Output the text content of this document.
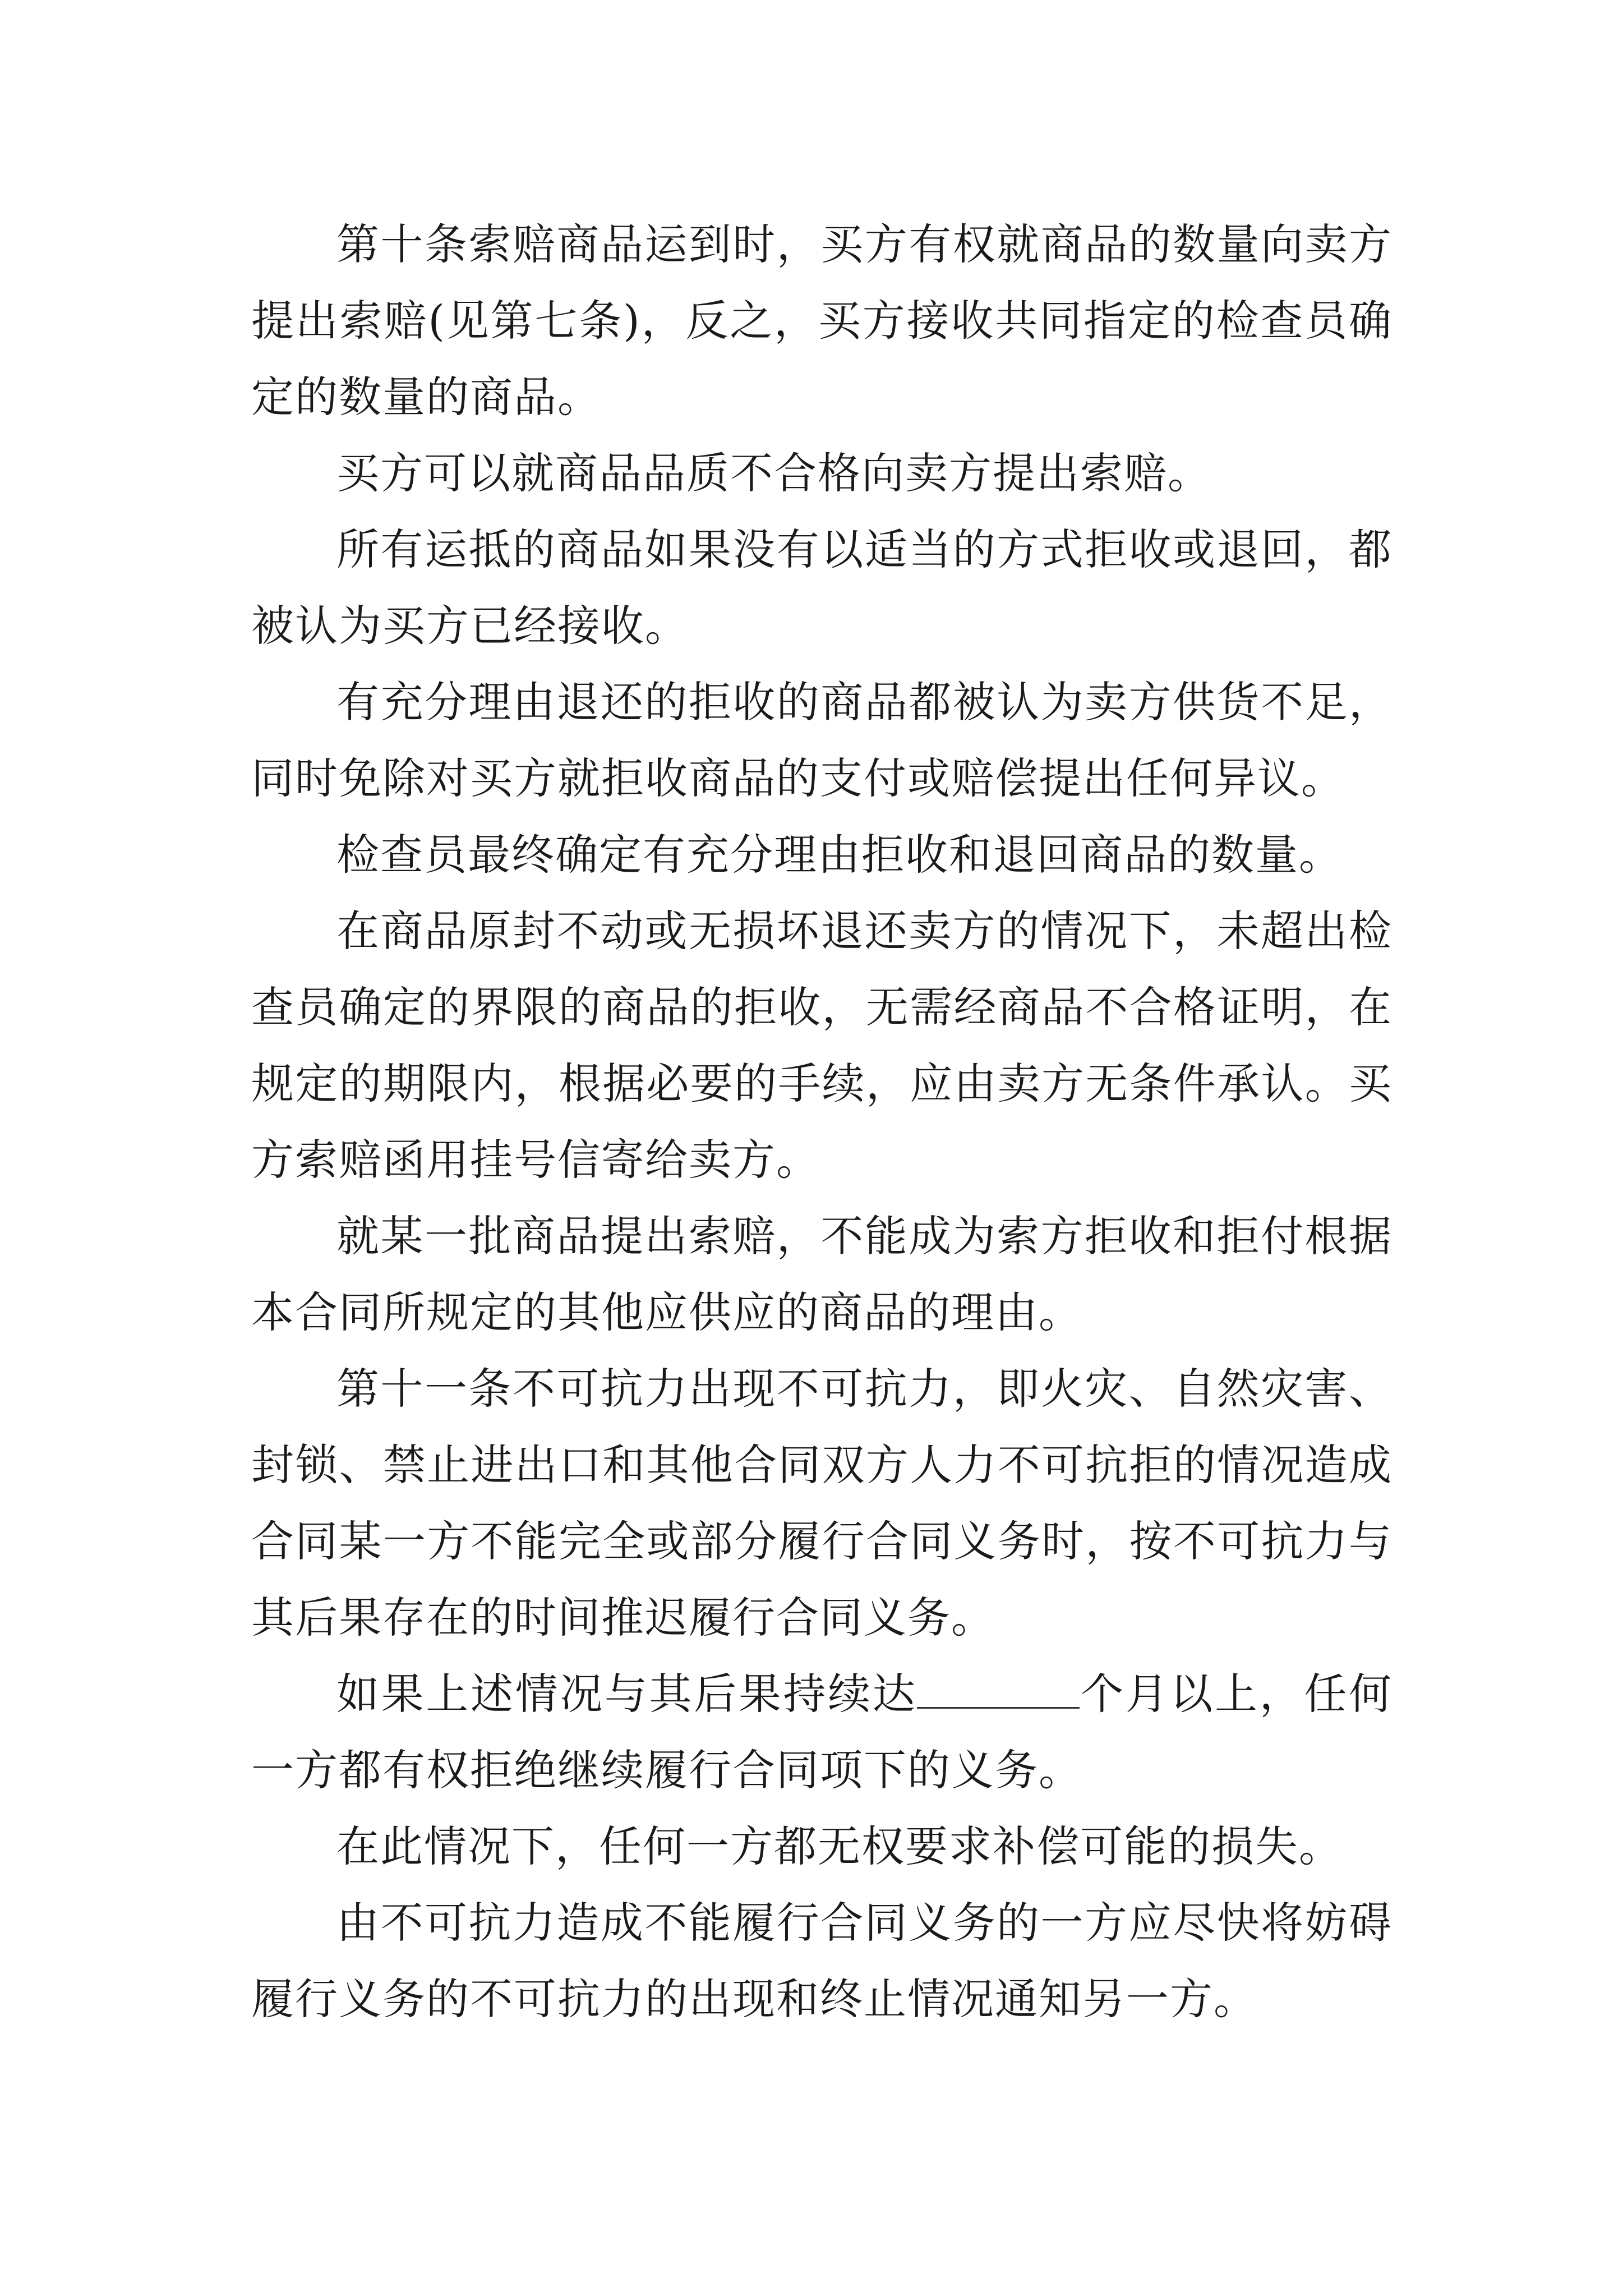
第十条索赔商品运到时，买方有权就商品的数量向卖方提出索赔(见第七条)，反之，买方接收共同指定的检查员确定的数量的商品。

买方可以就商品品质不合格向卖方提出索赔。

所有运抵的商品如果没有以适当的方式拒收或退回，都被认为买方已经接收。

有充分理由退还的拒收的商品都被认为卖方供货不足，同时免除对买方就拒收商品的支付或赔偿提出任何异议。

检查员最终确定有充分理由拒收和退回商品的数量。

在商品原封不动或无损坏退还卖方的情况下，未超出检查员确定的界限的商品的拒收，无需经商品不合格证明，在规定的期限内，根据必要的手续，应由卖方无条件承认。买方索赔函用挂号信寄给卖方。

就某一批商品提出索赔，不能成为索方拒收和拒付根据本合同所规定的其他应供应的商品的理由。

第十一条不可抗力出现不可抗力，即火灾、自然灾害、封锁、禁止进出口和其他合同双方人力不可抗拒的情况造成合同某一方不能完全或部分履行合同义务时，按不可抗力与其后果存在的时间推迟履行合同义务。

如果上述情况与其后果持续达	个月以上，任何一方都有权拒绝继续履行合同项下的义务。

在此情况下，任何一方都无权要求补偿可能的损失。

由不可抗力造成不能履行合同义务的一方应尽快将妨碍履行义务的不可抗力的出现和终止情况通知另一方。
